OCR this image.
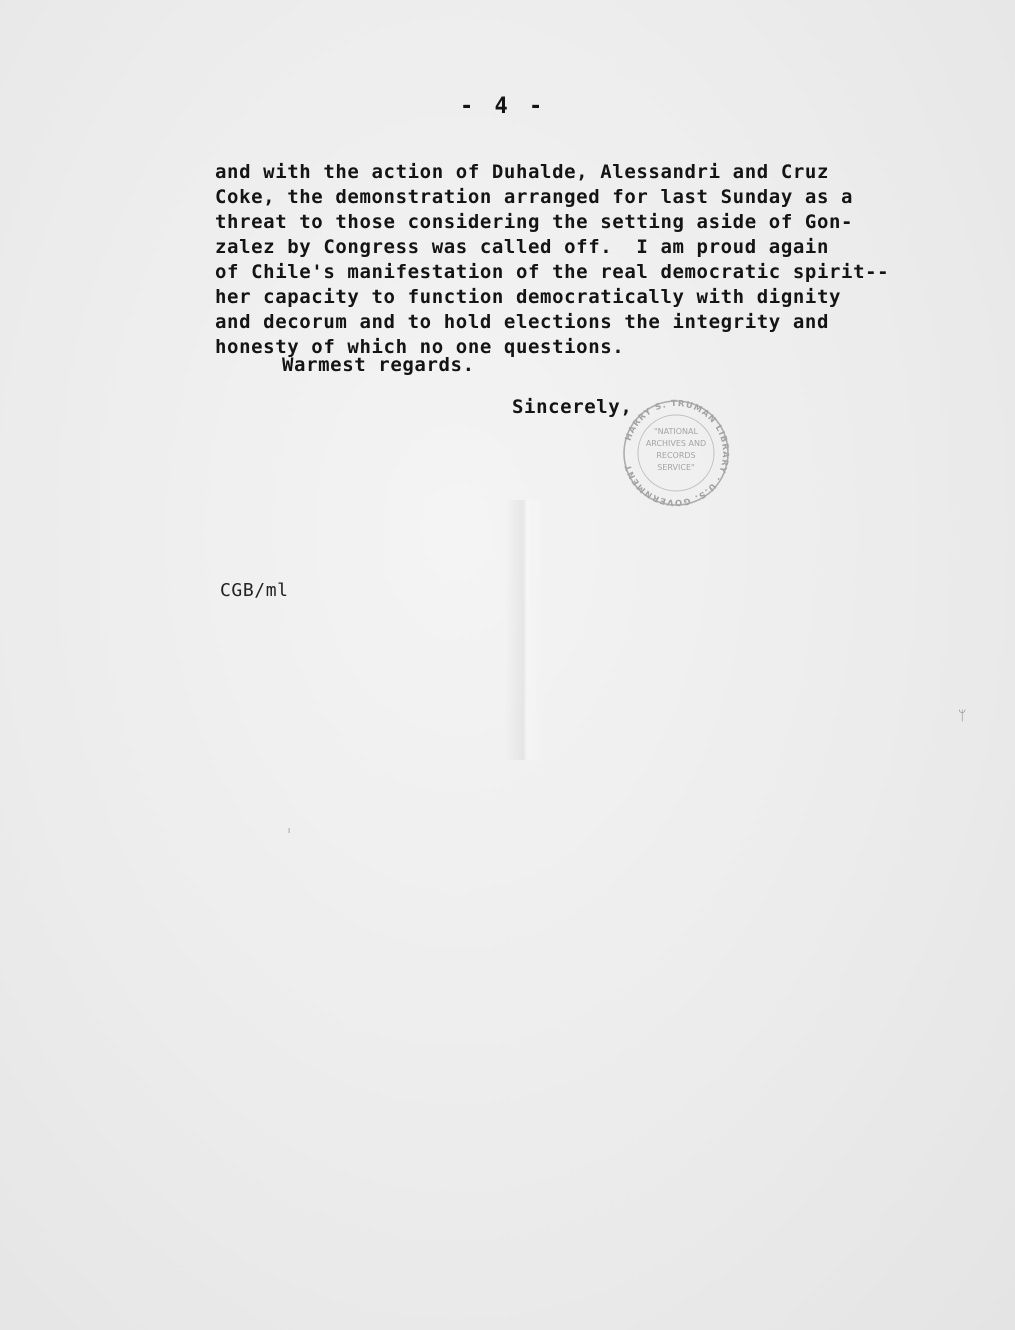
- 4 -
and with the action of Duhalde, Alessandri and Cruz
Coke, the demonstration arranged for last Sunday as a
threat to those considering the setting aside of Gon-
zalez by Congress was called off.  I am proud again
of Chile's manifestation of the real democratic spirit--
her capacity to function democratically with dignity
and decorum and to hold elections the integrity and
honesty of which no one questions.
Warmest regards.
Sincerely,
HARRY S. TRUMAN LIBRARY · U.S. GOVERNMENT
"NATIONAL
ARCHIVES AND
RECORDS
SERVICE"
CGB/ml
ᛘ
ˡ
